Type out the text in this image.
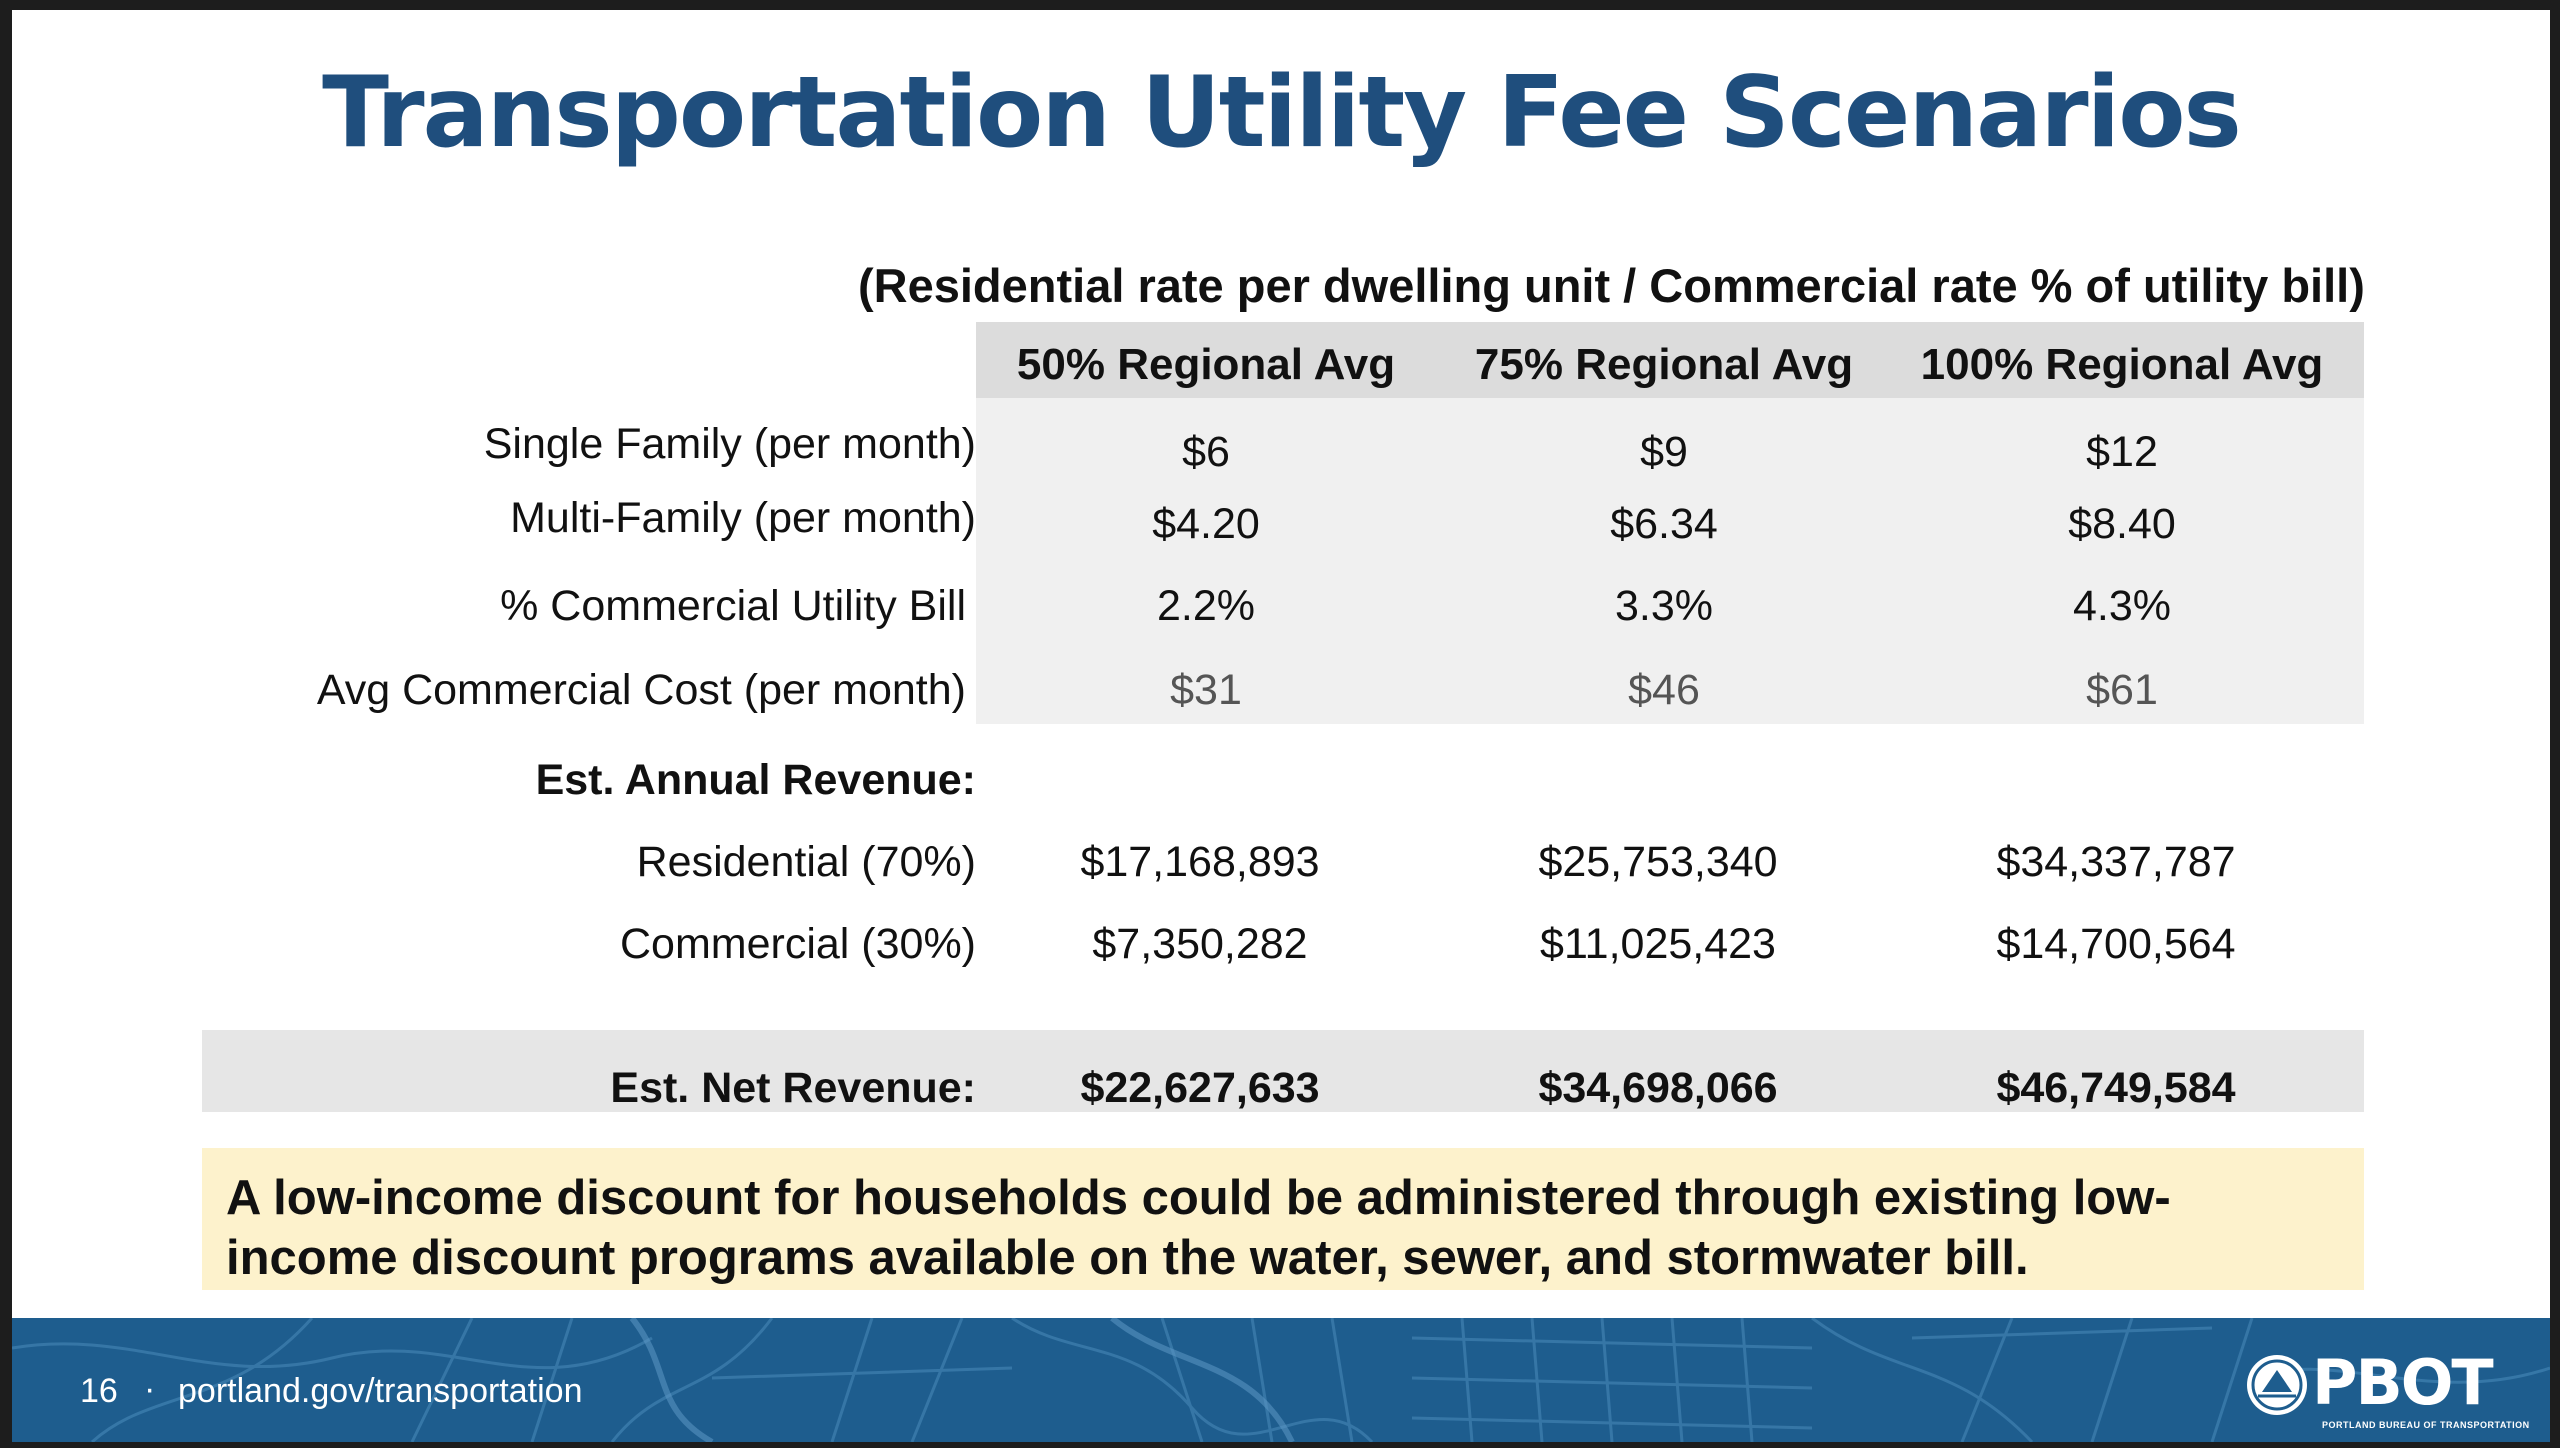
Transportation Utility Fee Scenarios
(Residential rate per dwelling unit / Commercial rate % of utility bill)
50% Regional Avg	75% Regional Avg	100% Regional Avg
Single Family (per month)	$6	$9	$12
Multi-Family (per month)	$4.20	$6.34	$8.40
% Commercial Utility Bill	2.2%	3.3%	4.3%
Avg Commercial Cost (per month)	$31	$46	$61
Est. Annual Revenue:
Residential (70%)	$17,168,893	$25,753,340	$34,337,787
Commercial (30%)	$7,350,282	$11,025,423	$14,700,564
Est. Net Revenue:	$22,627,633	$34,698,066	$46,749,584
A low-income discount for households could be administered through existing low-income discount programs available on the water, sewer, and stormwater bill.
16 · portland.gov/transportation	PBOT
PORTLAND BUREAU OF TRANSPORTATION
